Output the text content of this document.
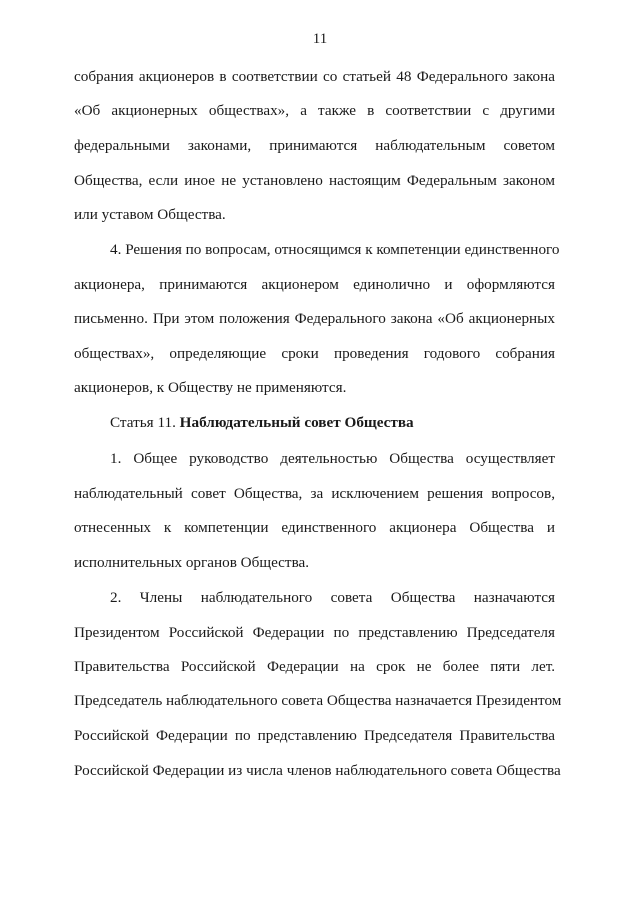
11
собрания акционеров в соответствии со статьей 48 Федерального закона
«Об акционерных обществах», а также в соответствии с другими
федеральными законами, принимаются наблюдательным советом
Общества, если иное не установлено настоящим Федеральным законом
или уставом Общества.
4. Решения по вопросам, относящимся к компетенции единственного
акционера, принимаются акционером единолично и оформляются
письменно. При этом положения Федерального закона «Об акционерных
обществах», определяющие сроки проведения годового собрания
акционеров, к Обществу не применяются.
Статья 11. Наблюдательный совет Общества
1. Общее руководство деятельностью Общества осуществляет
наблюдательный совет Общества, за исключением решения вопросов,
отнесенных к компетенции единственного акционера Общества и
исполнительных органов Общества.
2. Члены наблюдательного совета Общества назначаются
Президентом Российской Федерации по представлению Председателя
Правительства Российской Федерации на срок не более пяти лет.
Председатель наблюдательного совета Общества назначается Президентом
Российской Федерации по представлению Председателя Правительства
Российской Федерации из числа членов наблюдательного совета Общества
